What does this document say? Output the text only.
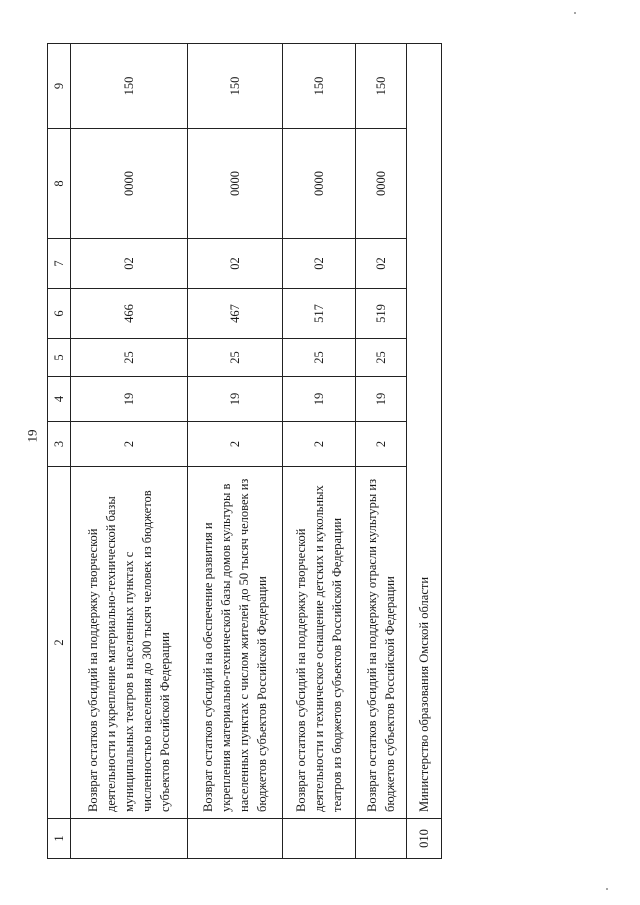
19
1	2	3	4	5	6	7	8	9
	Возврат остатков субсидий на поддержку творческой деятельности и укрепление материально-технической базы муниципальных театров в населенных пунктах с численностью населения до 300 тысяч человек из бюджетов субъектов Российской Федерации	2	19	25	466	02	0000	150
	Возврат остатков субсидий на обеспечение развития и укрепления материально-технической базы домов культуры в населенных пунктах с числом жителей до 50 тысяч человек из бюджетов субъектов Российской Федерации	2	19	25	467	02	0000	150
	Возврат остатков субсидий на поддержку творческой деятельности и техническое оснащение детских и кукольных театров из бюджетов субъектов Российской Федерации	2	19	25	517	02	0000	150
	Возврат остатков субсидий на поддержку отрасли культуры из бюджетов субъектов Российской Федерации	2	19	25	519	02	0000	150
010	Министерство образования Омской области							
